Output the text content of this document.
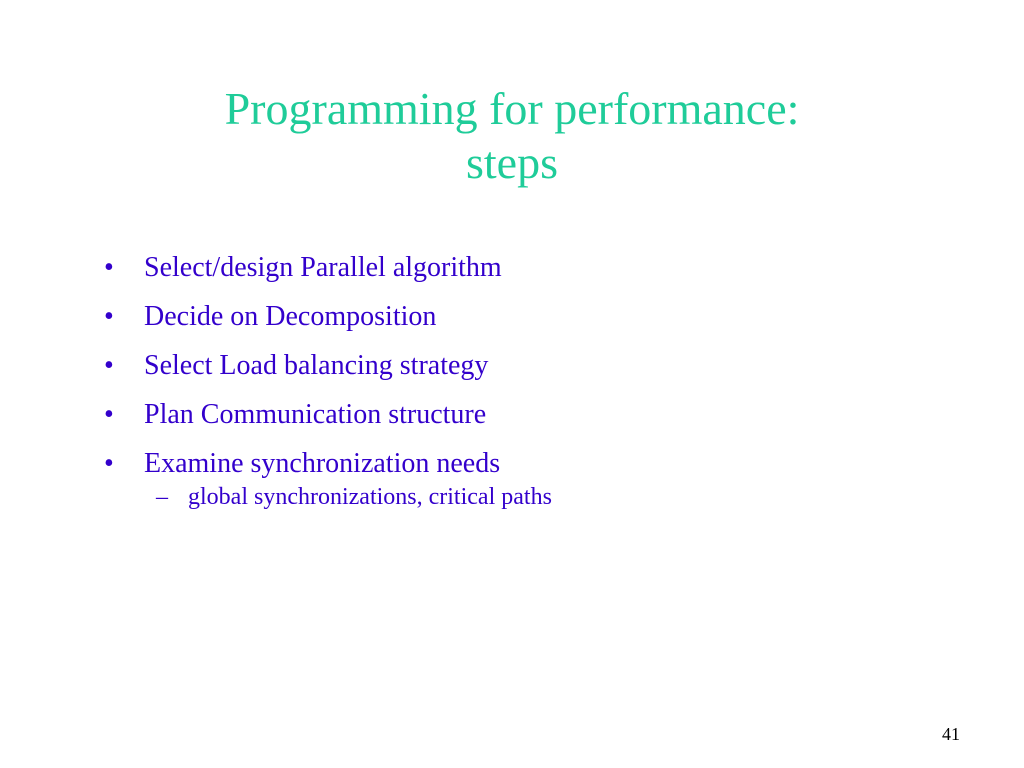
Programming for performance:
steps
•	Select/design Parallel algorithm
•	Decide on Decomposition
•	Select Load balancing strategy
•	Plan Communication structure
•	Examine synchronization needs
– global synchronizations, critical paths
41
